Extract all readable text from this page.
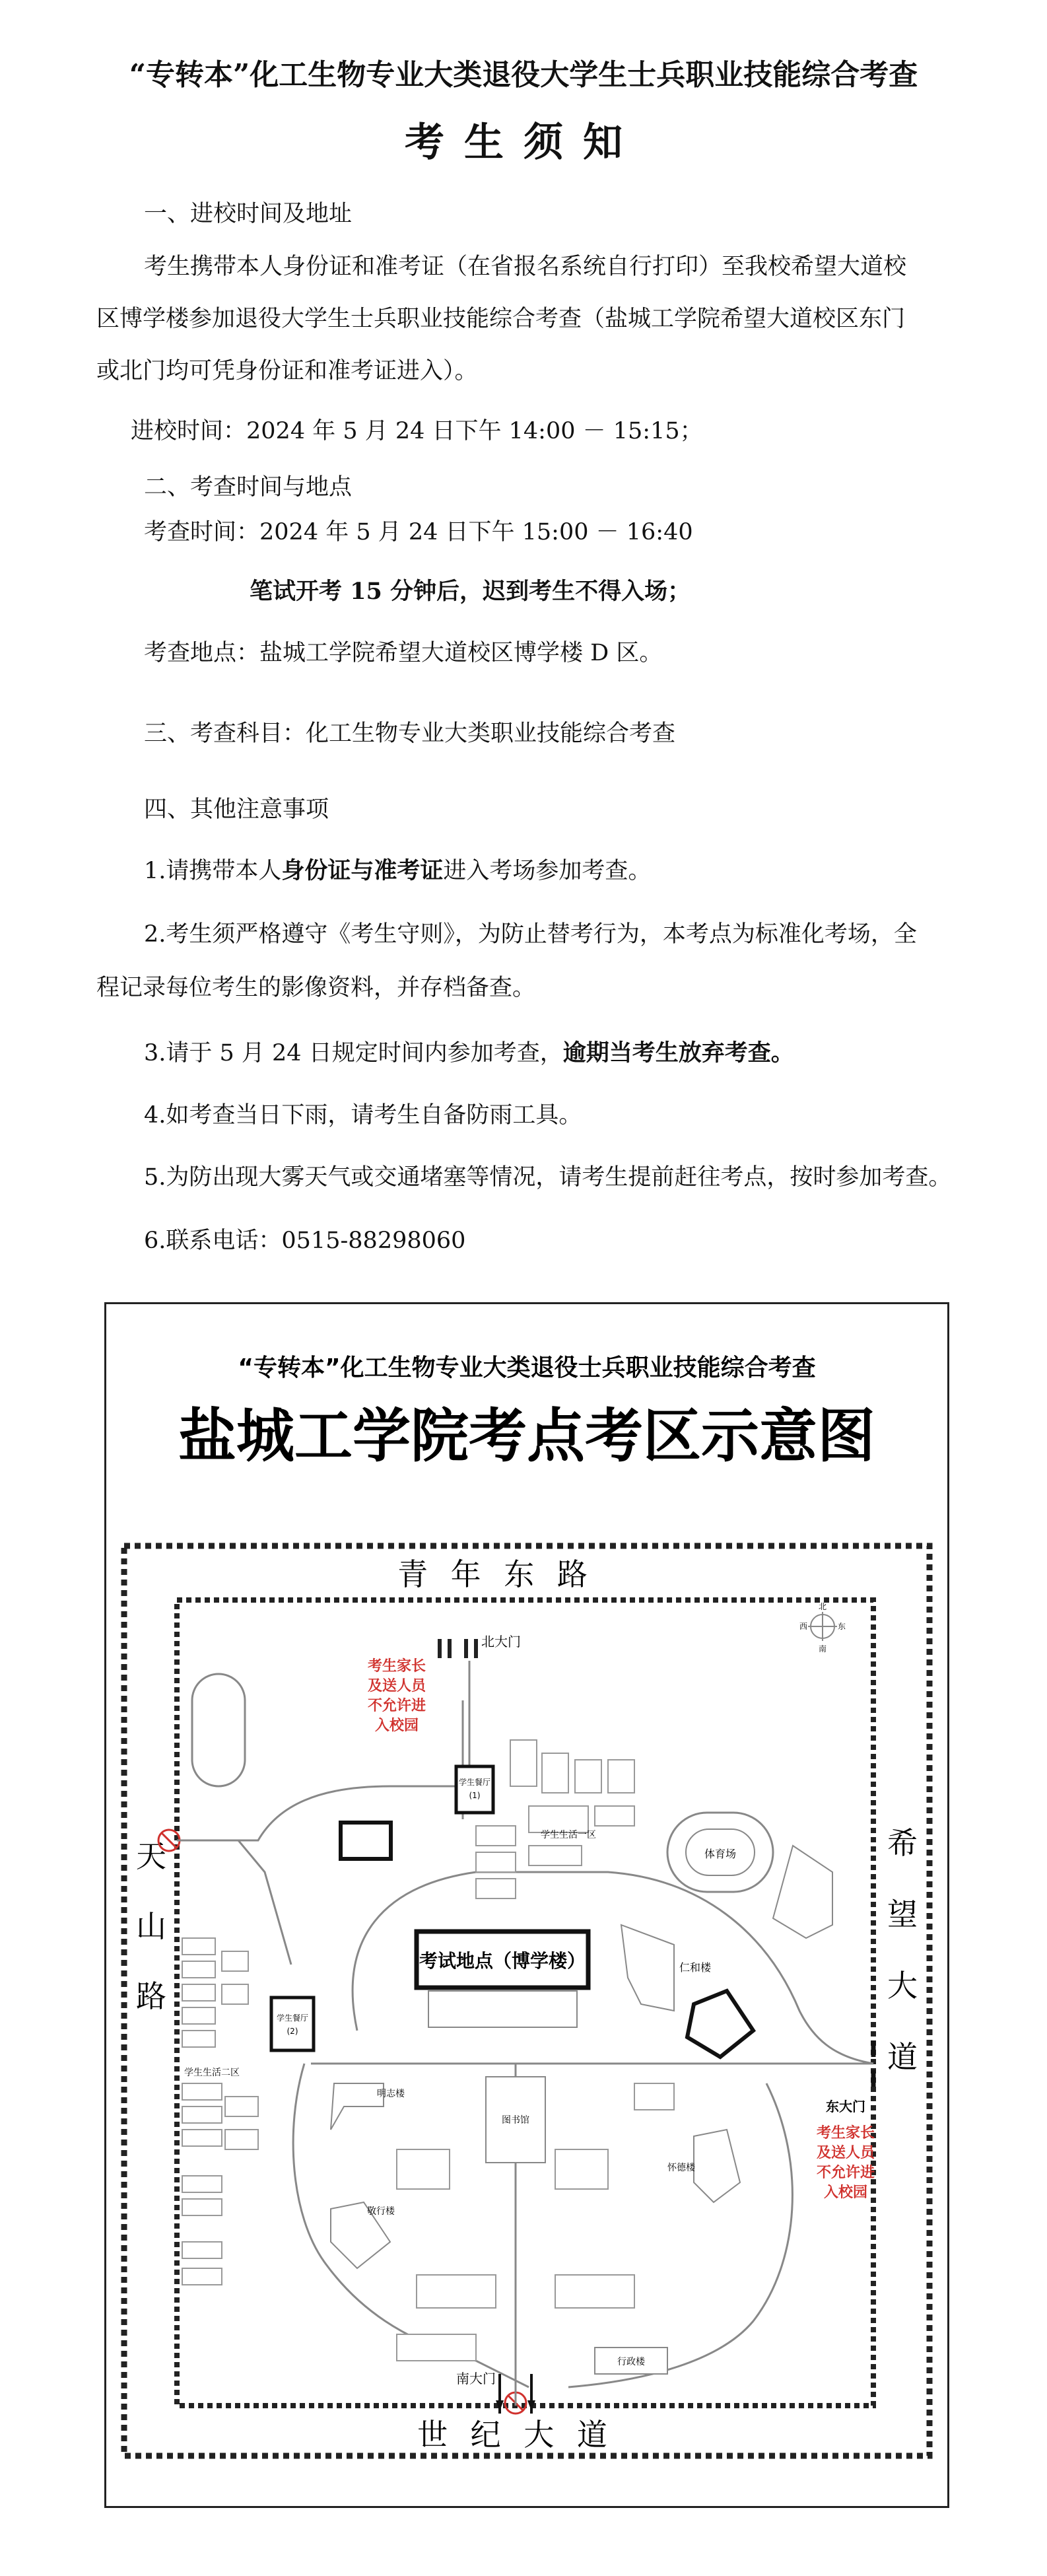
“专转本”化工生物专业大类退役大学生士兵职业技能综合考查
考生须知
一、进校时间及地址
考生携带本人身份证和准考证（在省报名系统自行打印）至我校希望大道校
区博学楼参加退役大学生士兵职业技能综合考查（盐城工学院希望大道校区东门
或北门均可凭身份证和准考证进入）。
进校时间：2024 年 5 月 24 日下午 14:00 － 15:15；
二、考查时间与地点
考查时间：2024 年 5 月 24 日下午 15:00 － 16:40
笔试开考 15 分钟后，迟到考生不得入场；
考查地点：盐城工学院希望大道校区博学楼 D 区。
三、考查科目：化工生物专业大类职业技能综合考查
四、其他注意事项
1.请携带本人身份证与准考证进入考场参加考查。
2.考生须严格遵守《考生守则》，为防止替考行为，本考点为标准化考场，全
程记录每位考生的影像资料，并存档备查。
3.请于 5 月 24 日规定时间内参加考查，逾期当考生放弃考查。
4.如考查当日下雨，请考生自备防雨工具。
5.为防出现大雾天气或交通堵塞等情况，请考生提前赶往考点，按时参加考查。
6.联系电话：0515-88298060
“专转本”化工生物专业大类退役士兵职业技能综合考查
盐城工学院考点考区示意图
青 年 东 路
世 纪 大 道
天
山
路
希
望
大
道
北
南
西	东
北大门
考生家长
及送人员
不允许进
入校园
学生餐厅
(1)
学生生活一区
体育场
考试地点（博学楼）	仁和楼
学生餐厅
(2)
学生生活二区
明志楼
图书馆
敬行楼
怀德楼
行政楼
东大门
考生家长
及送人员
不允许进
入校园
南大门
